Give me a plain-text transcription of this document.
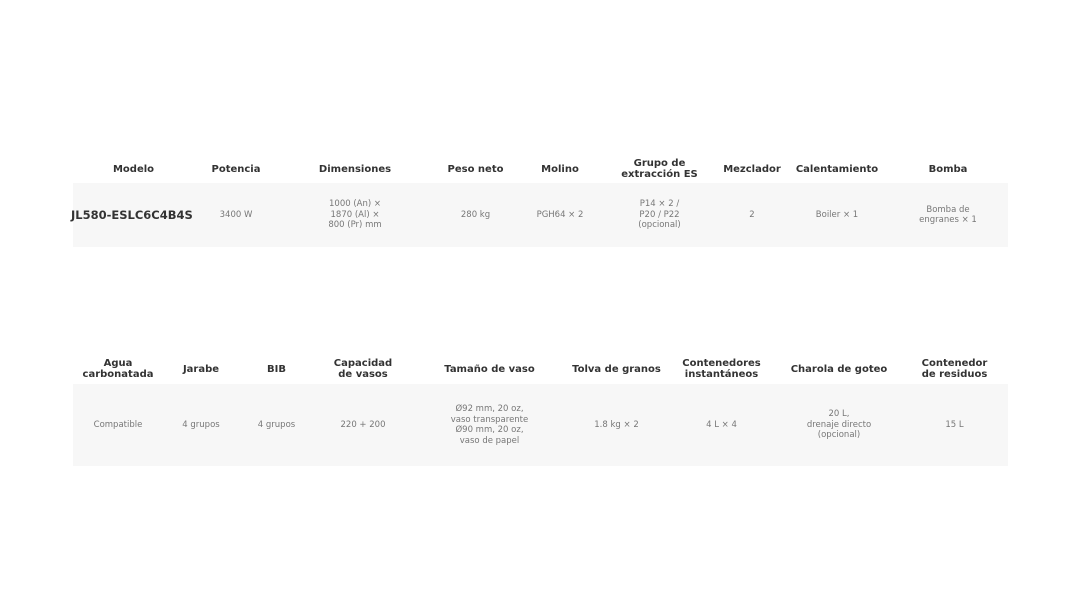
Modelo	Potencia	Dimensiones	Peso neto	Molino	Grupo de
extracción ES	Mezclador	Calentamiento	Bomba
JL580-ESLC6C4B4S	3400 W	1000 (An) ×
1870 (Al) ×
800 (Pr) mm	280 kg	PGH64 × 2	P14 × 2 /
P20 / P22
(opcional)	2	Boiler × 1	Bomba de
engranes × 1
Agua
carbonatada	Jarabe	BIB	Capacidad
de vasos	Tamaño de vaso	Tolva de granos	Contenedores
instantáneos	Charola de goteo	Contenedor
de residuos
Compatible	4 grupos	4 grupos	220 + 200	Ø92 mm, 20 oz,
vaso transparente
Ø90 mm, 20 oz,
vaso de papel	1.8 kg × 2	4 L × 4	20 L,
drenaje directo
(opcional)	15 L
